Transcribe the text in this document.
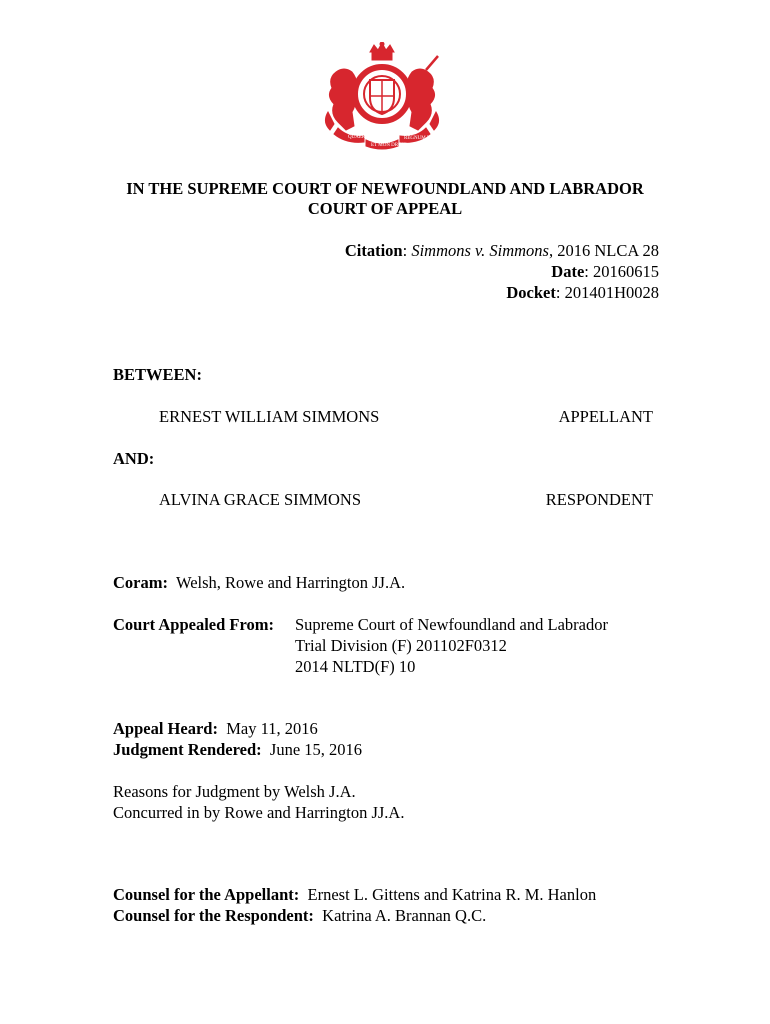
QUAERITE	REGNUM DEI
ET MON DROIT
IN THE SUPREME COURT OF NEWFOUNDLAND AND LABRADOR
COURT OF APPEAL
Citation: Simmons v. Simmons, 2016 NLCA 28
Date: 20160615
Docket: 201401H0028
BETWEEN:
ERNEST WILLIAM SIMMONS	APPELLANT
AND:
ALVINA GRACE SIMMONS	RESPONDENT
Coram: Welsh, Rowe and Harrington JJ.A.
Court Appealed From: Supreme Court of Newfoundland and Labrador
Trial Division (F) 201102F0312
2014 NLTD(F) 10
Appeal Heard: May 11, 2016
Judgment Rendered: June 15, 2016
Reasons for Judgment by Welsh J.A.
Concurred in by Rowe and Harrington JJ.A.
Counsel for the Appellant: Ernest L. Gittens and Katrina R. M. Hanlon
Counsel for the Respondent: Katrina A. Brannan Q.C.
